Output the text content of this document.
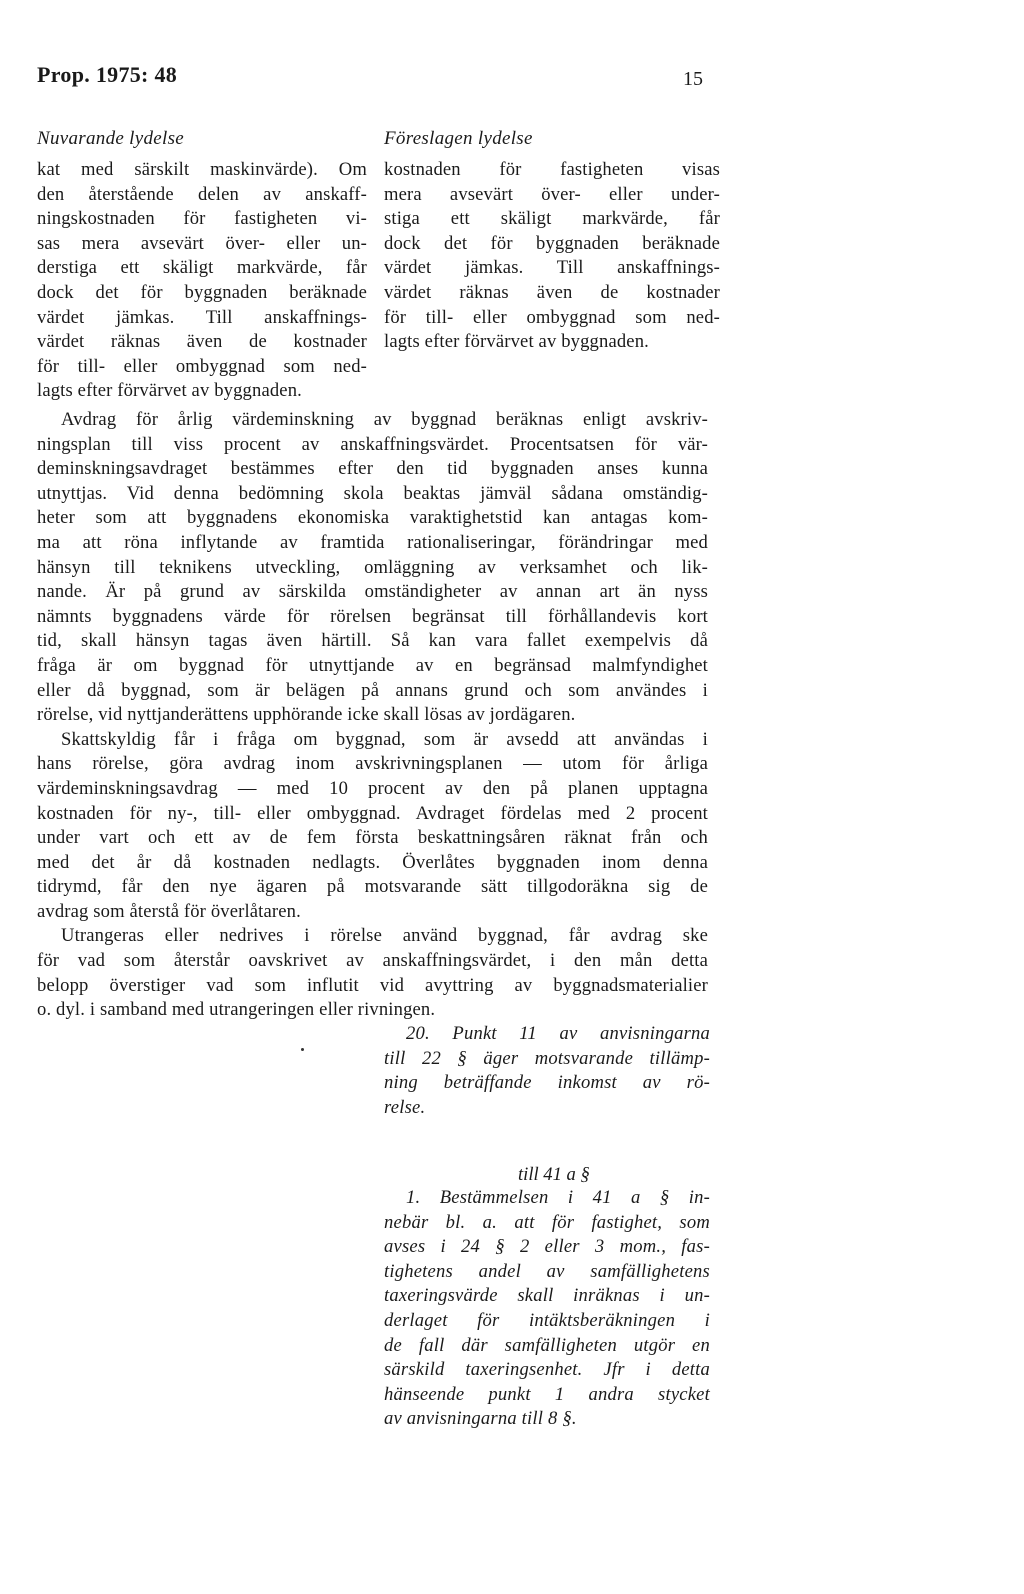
Prop. 1975: 48	15
Nuvarande lydelse	Föreslagen lydelse
kat med särskilt maskinvärde). Om
den återstående delen av anskaff-
ningskostnaden för fastigheten vi-
sas mera avsevärt över- eller un-
derstiga ett skäligt markvärde, får
dock det för byggnaden beräknade
värdet jämkas. Till anskaffnings-
värdet räknas även de kostnader
för till- eller ombyggnad som ned-
lagts efter förvärvet av byggnaden.
kostnaden för fastigheten visas
mera avsevärt över- eller under-
stiga ett skäligt markvärde, får
dock det för byggnaden beräknade
värdet jämkas. Till anskaffnings-
värdet räknas även de kostnader
för till- eller ombyggnad som ned-
lagts efter förvärvet av byggnaden.
Avdrag för årlig värdeminskning av byggnad beräknas enligt avskriv-
ningsplan till viss procent av anskaffningsvärdet. Procentsatsen för vär-
deminskningsavdraget bestämmes efter den tid byggnaden anses kunna
utnyttjas. Vid denna bedömning skola beaktas jämväl sådana omständig-
heter som att byggnadens ekonomiska varaktighetstid kan antagas kom-
ma att röna inflytande av framtida rationaliseringar, förändringar med
hänsyn till teknikens utveckling, omläggning av verksamhet och lik-
nande. Är på grund av särskilda omständigheter av annan art än nyss
nämnts byggnadens värde för rörelsen begränsat till förhållandevis kort
tid, skall hänsyn tagas även härtill. Så kan vara fallet exempelvis då
fråga är om byggnad för utnyttjande av en begränsad malmfyndighet
eller då byggnad, som är belägen på annans grund och som användes i
rörelse, vid nyttjanderättens upphörande icke skall lösas av jordägaren.
Skattskyldig får i fråga om byggnad, som är avsedd att användas i
hans rörelse, göra avdrag inom avskrivningsplanen — utom för årliga
värdeminskningsavdrag — med 10 procent av den på planen upptagna
kostnaden för ny-, till- eller ombyggnad. Avdraget fördelas med 2 procent
under vart och ett av de fem första beskattningsåren räknat från och
med det år då kostnaden nedlagts. Överlåtes byggnaden inom denna
tidrymd, får den nye ägaren på motsvarande sätt tillgodoräkna sig de
avdrag som återstå för överlåtaren.
Utrangeras eller nedrives i rörelse använd byggnad, får avdrag ske
för vad som återstår oavskrivet av anskaffningsvärdet, i den mån detta
belopp överstiger vad som influtit vid avyttring av byggnadsmaterialier
o. dyl. i samband med utrangeringen eller rivningen.
20. Punkt 11 av anvisningarna
till 22 § äger motsvarande tillämp-
ning beträffande inkomst av rö-
relse.
till 41 a §
1. Bestämmelsen i 41 a § in-
nebär bl. a. att för fastighet, som
avses i 24 § 2 eller 3 mom., fas-
tighetens andel av samfällighetens
taxeringsvärde skall inräknas i un-
derlaget för intäktsberäkningen i
de fall där samfälligheten utgör en
särskild taxeringsenhet. Jfr i detta
hänseende punkt 1 andra stycket
av anvisningarna till 8 §.
